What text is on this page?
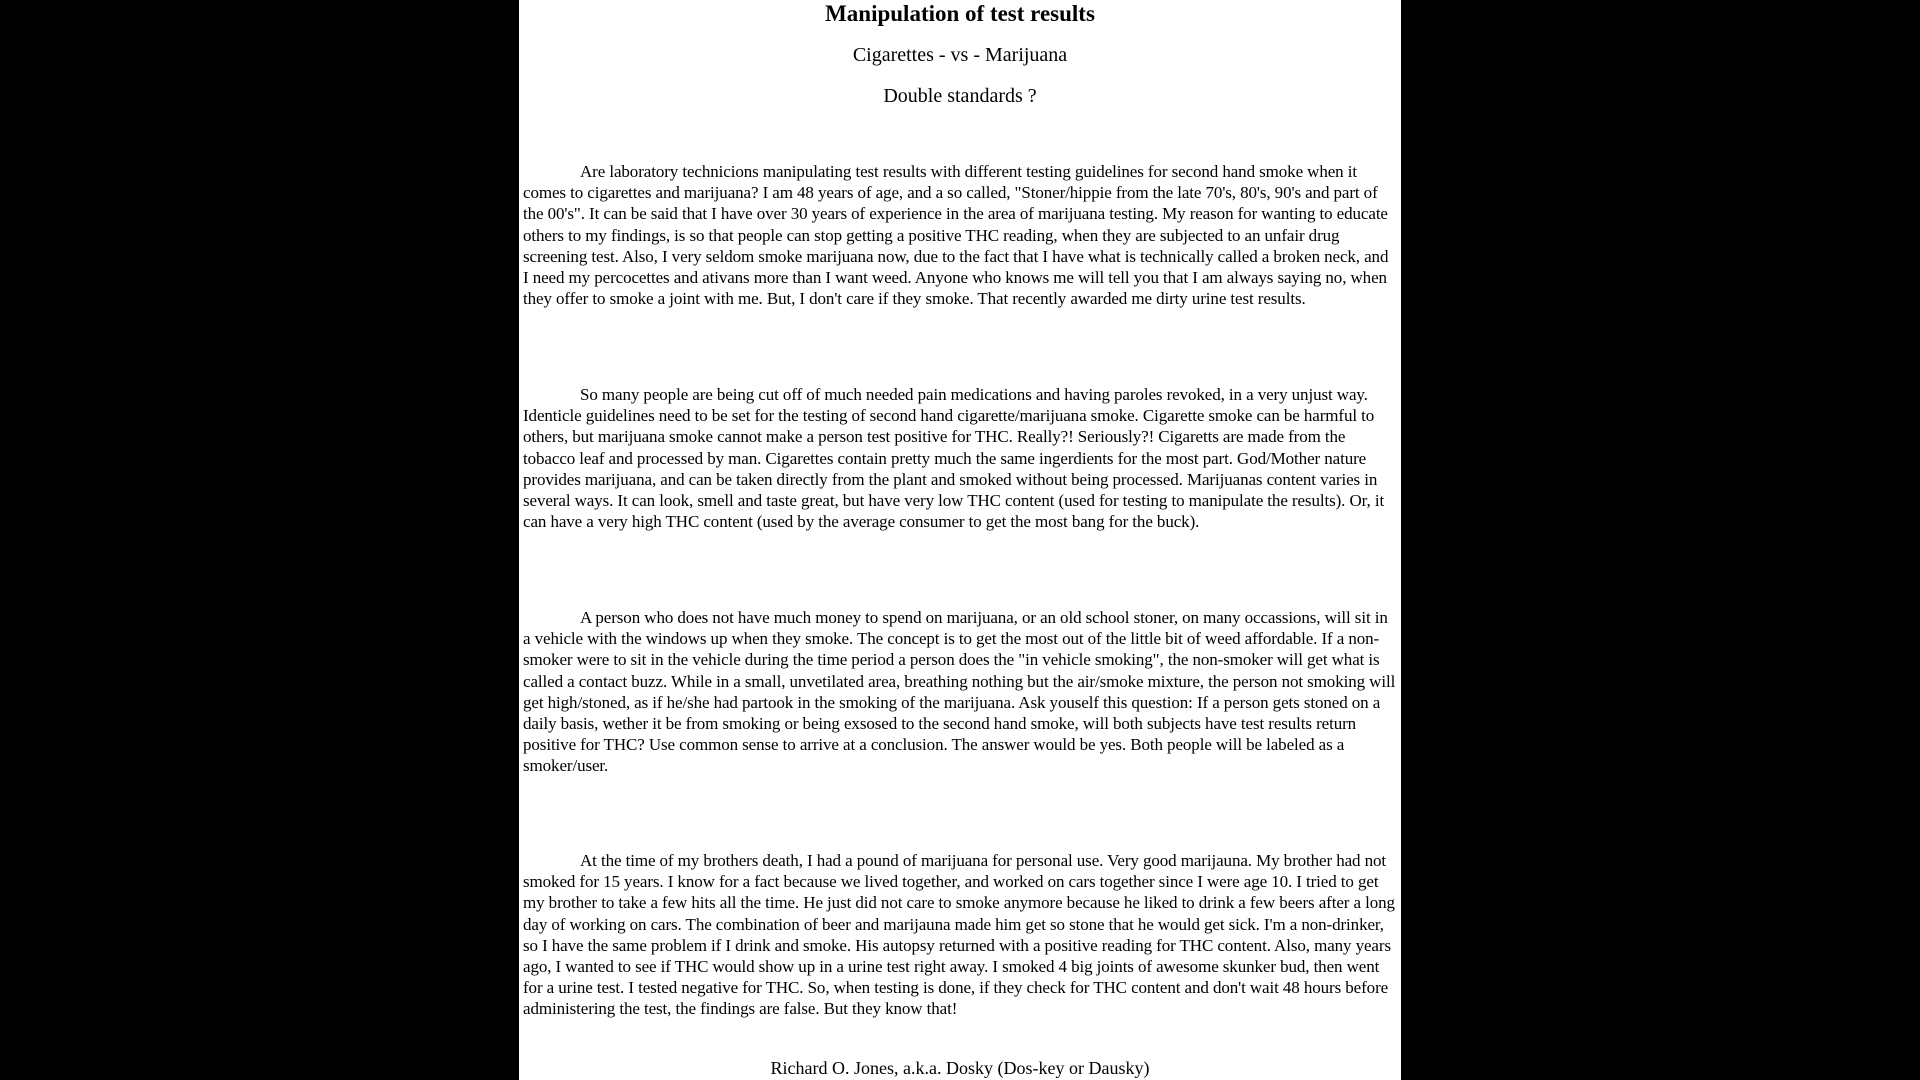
Manipulation of test results

Cigarettes - vs - Marijuana

Double standards ?

Are laboratory technicions manipulating test results with different testing guidelines for second hand smoke when it comes to cigarettes and marijuana? I am 48 years of age, and a so called, "Stoner/hippie from the late 70's, 80's, 90's and part of the 00's". It can be said that I have over 30 years of experience in the area of marijuana testing. My reason for wanting to educate others to my findings, is so that people can stop getting a positive THC reading, when they are subjected to an unfair drug screening test. Also, I very seldom smoke marijuana now, due to the fact that I have what is technically called a broken neck, and I need my percocettes and ativans more than I want weed. Anyone who knows me will tell you that I am always saying no, when they offer to smoke a joint with me. But, I don't care if they smoke. That recently awarded me dirty urine test results.

So many people are being cut off of much needed pain medications and having paroles revoked, in a very unjust way. Identicle guidelines need to be set for the testing of second hand cigarette/marijuana smoke. Cigarette smoke can be harmful to others, but marijuana smoke cannot make a person test positive for THC. Really?! Seriously?! Cigaretts are made from the tobacco leaf and processed by man. Cigarettes contain pretty much the same ingerdients for the most part. God/Mother nature provides marijuana, and can be taken directly from the plant and smoked without being processed. Marijuanas content varies in several ways. It can look, smell and taste great, but have very low THC content (used for testing to manipulate the results). Or, it can have a very high THC content (used by the average consumer to get the most bang for the buck).

A person who does not have much money to spend on marijuana, or an old school stoner, on many occassions, will sit in a vehicle with the windows up when they smoke. The concept is to get the most out of the little bit of weed affordable. If a non-smoker were to sit in the vehicle during the time period a person does the "in vehicle smoking", the non-smoker will get what is called a contact buzz. While in a small, unvetilated area, breathing nothing but the air/smoke mixture, the person not smoking will get high/stoned, as if he/she had partook in the smoking of the marijuana. Ask youself this question: If a person gets stoned on a daily basis, wether it be from smoking or being exsosed to the second hand smoke, will both subjects have test results return positive for THC? Use common sense to arrive at a conclusion. The answer would be yes. Both people will be labeled as a smoker/user.

At the time of my brothers death, I had a pound of marijuana for personal use. Very good marijauna. My brother had not smoked for 15 years. I know for a fact because we lived together, and worked on cars together since I were age 10. I tried to get my brother to take a few hits all the time. He just did not care to smoke anymore because he liked to drink a few beers after a long day of working on cars. The combination of beer and marijauna made him get so stone that he would get sick. I'm a non-drinker, so I have the same problem if I drink and smoke. His autopsy returned with a positive reading for THC content. Also, many years ago, I wanted to see if THC would show up in a urine test right away. I smoked 4 big joints of awesome skunker bud, then went for a urine test. I tested negative for THC. So, when testing is done, if they check for THC content and don't wait 48 hours before administering the test, the findings are false. But they know that!

Richard O. Jones, a.k.a. Dosky (Dos-key or Dausky)
